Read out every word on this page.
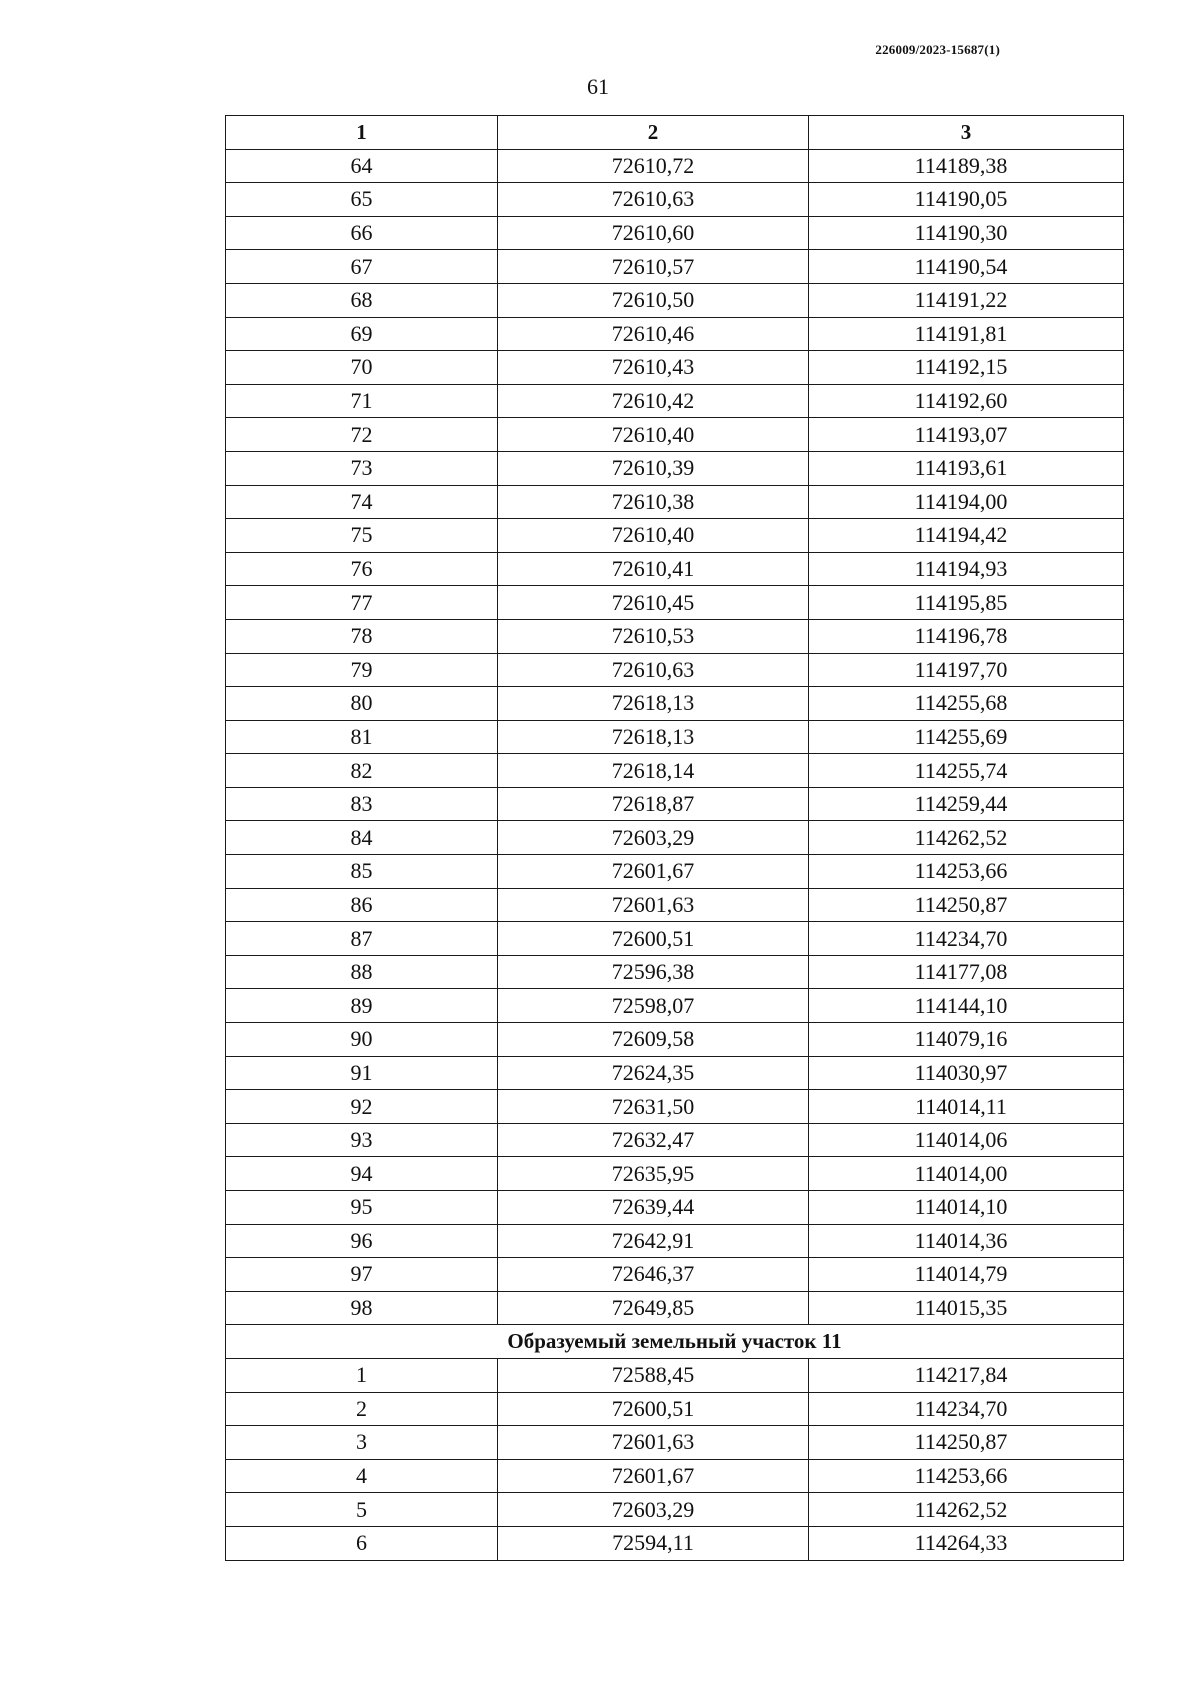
226009/2023-15687(1)
61
1	2	3
64	72610,72	114189,38
65	72610,63	114190,05
66	72610,60	114190,30
67	72610,57	114190,54
68	72610,50	114191,22
69	72610,46	114191,81
70	72610,43	114192,15
71	72610,42	114192,60
72	72610,40	114193,07
73	72610,39	114193,61
74	72610,38	114194,00
75	72610,40	114194,42
76	72610,41	114194,93
77	72610,45	114195,85
78	72610,53	114196,78
79	72610,63	114197,70
80	72618,13	114255,68
81	72618,13	114255,69
82	72618,14	114255,74
83	72618,87	114259,44
84	72603,29	114262,52
85	72601,67	114253,66
86	72601,63	114250,87
87	72600,51	114234,70
88	72596,38	114177,08
89	72598,07	114144,10
90	72609,58	114079,16
91	72624,35	114030,97
92	72631,50	114014,11
93	72632,47	114014,06
94	72635,95	114014,00
95	72639,44	114014,10
96	72642,91	114014,36
97	72646,37	114014,79
98	72649,85	114015,35
Образуемый земельный участок 11		
1	72588,45	114217,84
2	72600,51	114234,70
3	72601,63	114250,87
4	72601,67	114253,66
5	72603,29	114262,52
6	72594,11	114264,33
